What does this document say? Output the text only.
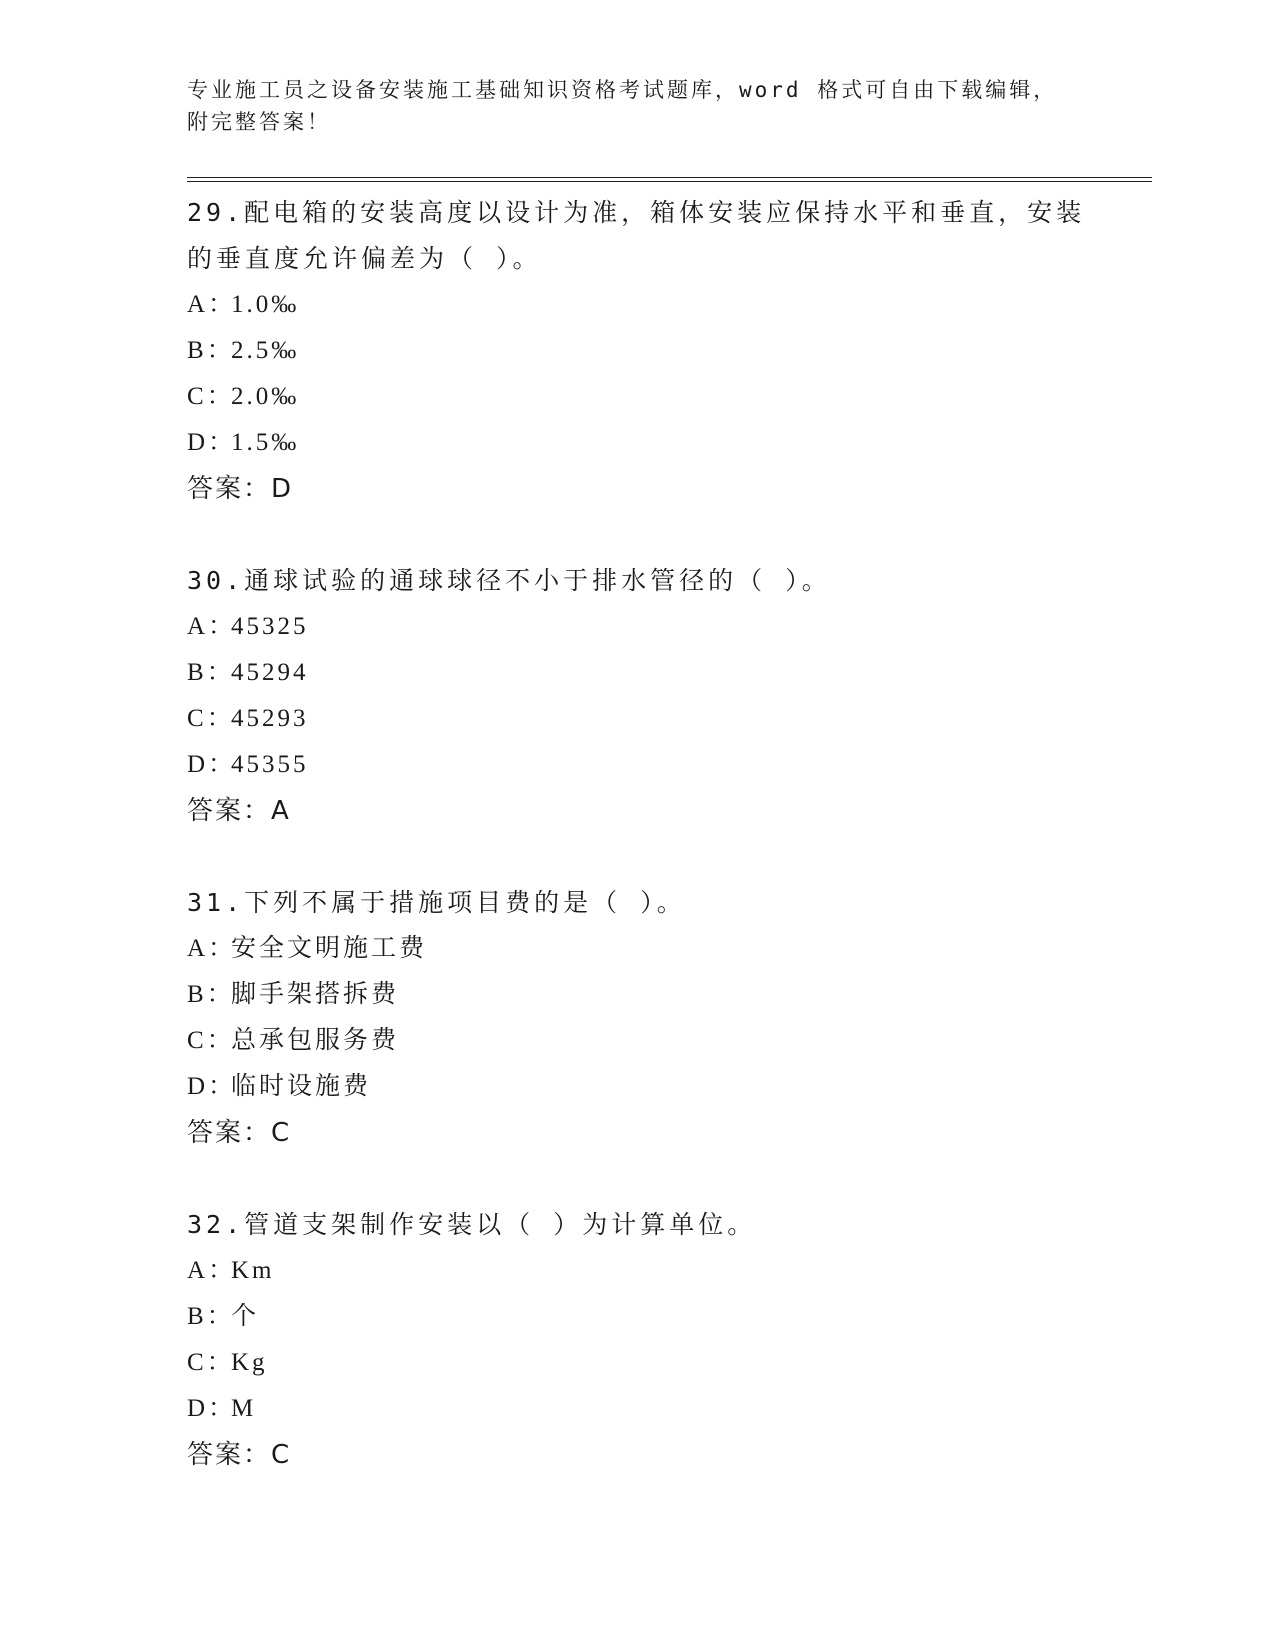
专业施工员之设备安装施工基础知识资格考试题库，word 格式可自由下载编辑，
附完整答案！
29.配电箱的安装高度以设计为准，箱体安装应保持水平和垂直，安装
的垂直度允许偏差为（ ）。
A：1.0‰
B：2.5‰
C：2.0‰
D：1.5‰
答案：D
30.通球试验的通球球径不小于排水管径的（ ）。
A：45325
B：45294
C：45293
D：45355
答案：A
31.下列不属于措施项目费的是（ ）。
A：安全文明施工费
B：脚手架搭拆费
C：总承包服务费
D：临时设施费
答案：C
32.管道支架制作安装以（ ）为计算单位。
A：Km
B：个
C：Kg
D：M
答案：C
